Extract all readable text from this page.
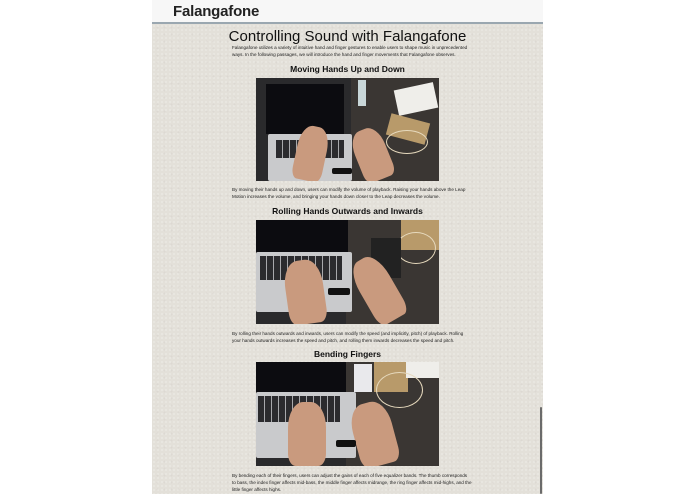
Falangafone
Controlling Sound with Falangafone

Falangafone utilizes a variety of intuitive hand and finger gestures to enable users to shape music in unprecedented ways. In the following passages, we will introduce the hand and finger movements that Falangafone observes.

Moving Hands Up and Down

By moving their hands up and down, users can modify the volume of playback. Raising your hands above the Leap Motion increases the volume, and bringing your hands down closer to the Leap decreases the volume.

Rolling Hands Outwards and Inwards

By rolling their hands outwards and inwards, users can modify the speed (and implicitly, pitch) of playback. Rolling your hands outwards increases the speed and pitch, and rolling them inwards decreases the speed and pitch.

Bending Fingers

By bending each of their fingers, users can adjust the gains of each of five equalizer bands. The thumb corresponds to bass, the index finger affects mid-bass, the middle finger affects midrange, the ring finger affects mid-highs, and the little finger affects highs.
